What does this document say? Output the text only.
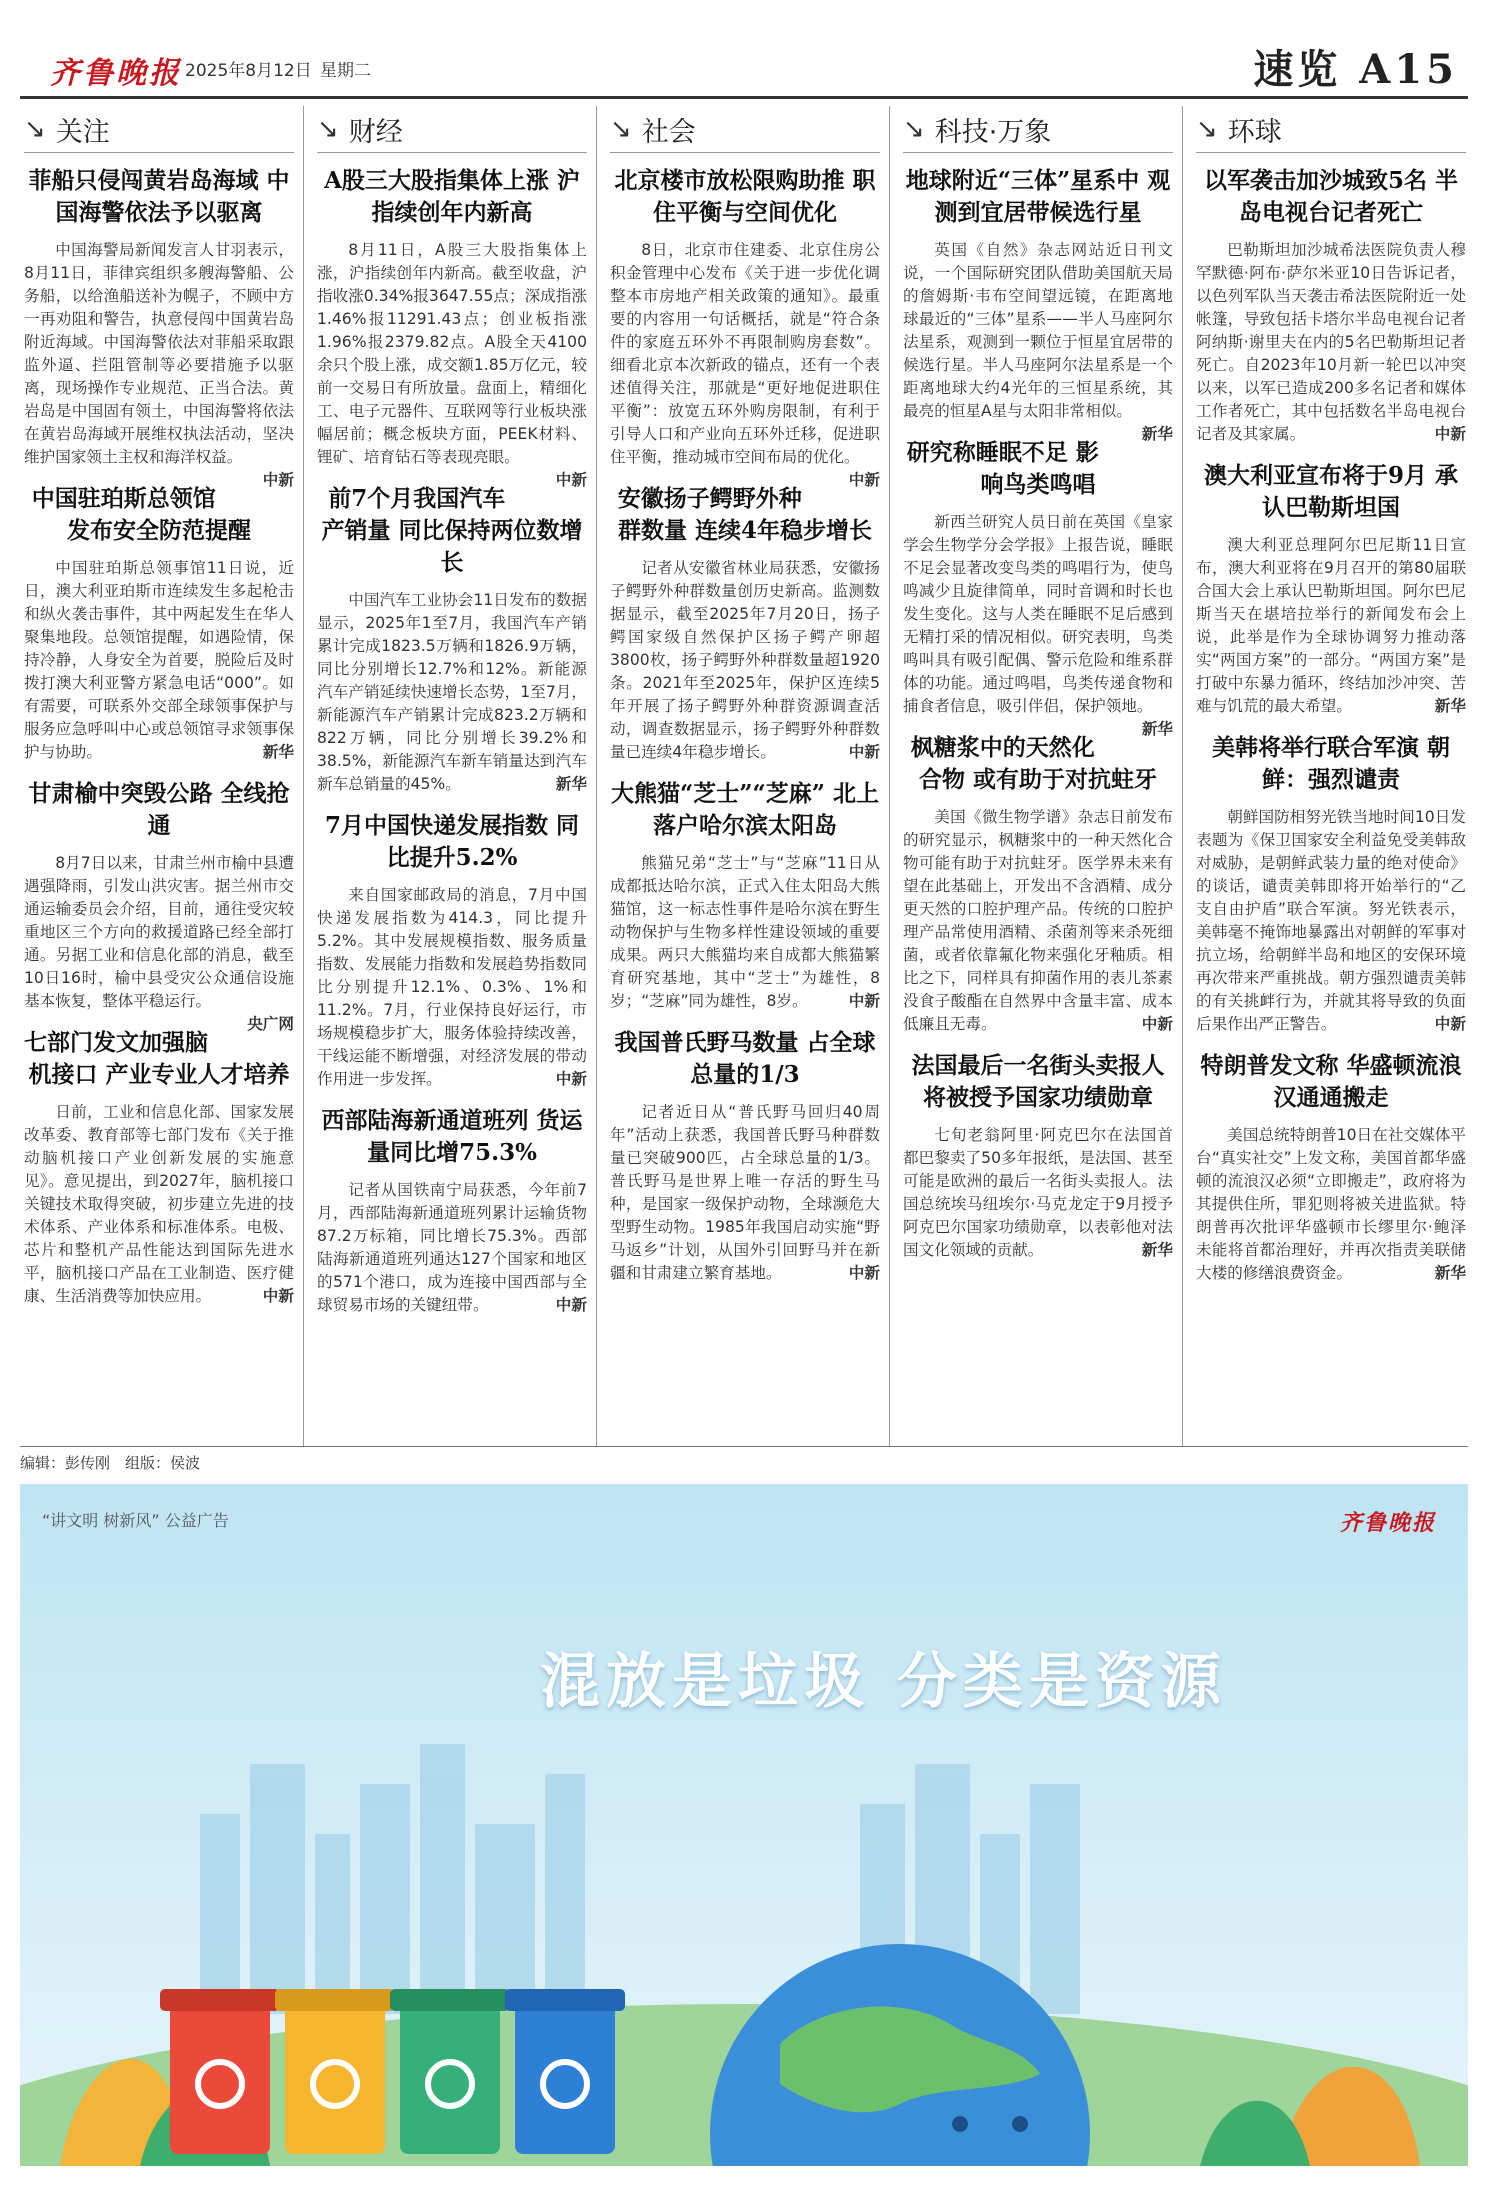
齐鲁晚报 2025年8月12日 星期二	速览 A15
↘ 关注
菲船只侵闯黄岩岛海域 中国海警依法予以驱离

中国海警局新闻发言人甘羽表示，8月11日，菲律宾组织多艘海警船、公务船，以给渔船送补为幌子，不顾中方一再劝阻和警告，执意侵闯中国黄岩岛附近海域。中国海警依法对菲船采取跟监外逼、拦阻管制等必要措施予以驱离，现场操作专业规范、正当合法。黄岩岛是中国固有领土，中国海警将依法在黄岩岛海域开展维权执法活动，坚决维护国家领土主权和海洋权益。
中新

中国驻珀斯总领馆 发布安全防范提醒

中国驻珀斯总领事馆11日说，近日，澳大利亚珀斯市连续发生多起枪击和纵火袭击事件，其中两起发生在华人聚集地段。总领馆提醒，如遇险情，保持冷静，人身安全为首要，脱险后及时拨打澳大利亚警方紧急电话“000”。如有需要，可联系外交部全球领事保护与服务应急呼叫中心或总领馆寻求领事保护与协助。	新华

甘肃榆中突毁公路 全线抢通

8月7日以来，甘肃兰州市榆中县遭遇强降雨，引发山洪灾害。据兰州市交通运输委员会介绍，目前，通往受灾较重地区三个方向的救援道路已经全部打通。另据工业和信息化部的消息，截至10日16时，榆中县受灾公众通信设施基本恢复，整体平稳运行。
央广网

七部门发文加强脑机接口 产业专业人才培养

日前，工业和信息化部、国家发展改革委、教育部等七部门发布《关于推动脑机接口产业创新发展的实施意见》。意见提出，到2027年，脑机接口关键技术取得突破，初步建立先进的技术体系、产业体系和标准体系。电极、芯片和整机产品性能达到国际先进水平，脑机接口产品在工业制造、医疗健康、生活消费等加快应用。	中新

↘ 财经
A股三大股指集体上涨 沪指续创年内新高

8月11日，A股三大股指集体上涨，沪指续创年内新高。截至收盘，沪指收涨0.34%报3647.55点；深成指涨1.46%报11291.43点；创业板指涨1.96%报2379.82点。A股全天4100余只个股上涨，成交额1.85万亿元，较前一交易日有所放量。盘面上，精细化工、电子元器件、互联网等行业板块涨幅居前；概念板块方面，PEEK材料、锂矿、培育钻石等表现亮眼。
中新

前7个月我国汽车产销量 同比保持两位数增长

中国汽车工业协会11日发布的数据显示，2025年1至7月，我国汽车产销累计完成1823.5万辆和1826.9万辆，同比分别增长12.7%和12%。新能源汽车产销延续快速增长态势，1至7月，新能源汽车产销累计完成823.2万辆和822万辆，同比分别增长39.2%和38.5%，新能源汽车新车销量达到汽车新车总销量的45%。	新华

7月中国快递发展指数 同比提升5.2%

来自国家邮政局的消息，7月中国快递发展指数为414.3，同比提升5.2%。其中发展规模指数、服务质量指数、发展能力指数和发展趋势指数同比分别提升12.1%、0.3%、1%和11.2%。7月，行业保持良好运行，市场规模稳步扩大，服务体验持续改善，干线运能不断增强，对经济发展的带动作用进一步发挥。	中新

西部陆海新通道班列 货运量同比增75.3%

记者从国铁南宁局获悉，今年前7月，西部陆海新通道班列累计运输货物87.2万标箱，同比增长75.3%。西部陆海新通道班列通达127个国家和地区的571个港口，成为连接中国西部与全球贸易市场的关键纽带。	中新

↘ 社会
北京楼市放松限购助推 职住平衡与空间优化

8日，北京市住建委、北京住房公积金管理中心发布《关于进一步优化调整本市房地产相关政策的通知》。最重要的内容用一句话概括，就是“符合条件的家庭五环外不再限制购房套数”。细看北京本次新政的锚点，还有一个表述值得关注，那就是“更好地促进职住平衡”：放宽五环外购房限制，有利于引导人口和产业向五环外迁移，促进职住平衡，推动城市空间布局的优化。
中新

安徽扬子鳄野外种群数量 连续4年稳步增长

记者从安徽省林业局获悉，安徽扬子鳄野外种群数量创历史新高。监测数据显示，截至2025年7月20日，扬子鳄国家级自然保护区扬子鳄产卵超3800枚，扬子鳄野外种群数量超1920条。2021年至2025年，保护区连续5年开展了扬子鳄野外种群资源调查活动，调查数据显示，扬子鳄野外种群数量已连续4年稳步增长。	中新

大熊猫“芝士”“芝麻” 北上落户哈尔滨太阳岛

熊猫兄弟“芝士”与“芝麻”11日从成都抵达哈尔滨，正式入住太阳岛大熊猫馆，这一标志性事件是哈尔滨在野生动物保护与生物多样性建设领域的重要成果。两只大熊猫均来自成都大熊猫繁育研究基地，其中“芝士”为雄性，8岁；“芝麻”同为雄性，8岁。	中新

我国普氏野马数量 占全球总量的1/3

记者近日从“普氏野马回归40周年”活动上获悉，我国普氏野马种群数量已突破900匹，占全球总量的1/3。普氏野马是世界上唯一存活的野生马种，是国家一级保护动物，全球濒危大型野生动物。1985年我国启动实施“野马返乡”计划，从国外引回野马并在新疆和甘肃建立繁育基地。	中新

↘ 科技·万象
地球附近“三体”星系中 观测到宜居带候选行星

英国《自然》杂志网站近日刊文说，一个国际研究团队借助美国航天局的詹姆斯·韦布空间望远镜，在距离地球最近的“三体”星系——半人马座阿尔法星系，观测到一颗位于恒星宜居带的候选行星。半人马座阿尔法星系是一个距离地球大约4光年的三恒星系统，其最亮的恒星A星与太阳非常相似。
新华

研究称睡眠不足 影响鸟类鸣唱

新西兰研究人员日前在英国《皇家学会生物学分会学报》上报告说，睡眠不足会显著改变鸟类的鸣唱行为，使鸟鸣减少且旋律简单，同时音调和时长也发生变化。这与人类在睡眠不足后感到无精打采的情况相似。研究表明，鸟类鸣叫具有吸引配偶、警示危险和维系群体的功能。通过鸣唱，鸟类传递食物和捕食者信息，吸引伴侣，保护领地。
新华

枫糖浆中的天然化合物 或有助于对抗蛀牙

美国《微生物学谱》杂志日前发布的研究显示，枫糖浆中的一种天然化合物可能有助于对抗蛀牙。医学界未来有望在此基础上，开发出不含酒精、成分更天然的口腔护理产品。传统的口腔护理产品常使用酒精、杀菌剂等来杀死细菌，或者依靠氟化物来强化牙釉质。相比之下，同样具有抑菌作用的表儿茶素没食子酸酯在自然界中含量丰富、成本低廉且无毒。	中新

法国最后一名街头卖报人 将被授予国家功绩勋章

七旬老翁阿里·阿克巴尔在法国首都巴黎卖了50多年报纸，是法国、甚至可能是欧洲的最后一名街头卖报人。法国总统埃马纽埃尔·马克龙定于9月授予阿克巴尔国家功绩勋章，以表彰他对法国文化领域的贡献。	新华

↘ 环球
以军袭击加沙城致5名 半岛电视台记者死亡

巴勒斯坦加沙城希法医院负责人穆罕默德·阿布·萨尔米亚10日告诉记者，以色列军队当天袭击希法医院附近一处帐篷，导致包括卡塔尔半岛电视台记者阿纳斯·谢里夫在内的5名巴勒斯坦记者死亡。自2023年10月新一轮巴以冲突以来，以军已造成200多名记者和媒体工作者死亡，其中包括数名半岛电视台记者及其家属。	中新

澳大利亚宣布将于9月 承认巴勒斯坦国

澳大利亚总理阿尔巴尼斯11日宣布，澳大利亚将在9月召开的第80届联合国大会上承认巴勒斯坦国。阿尔巴尼斯当天在堪培拉举行的新闻发布会上说，此举是作为全球协调努力推动落实“两国方案”的一部分。“两国方案”是打破中东暴力循环，终结加沙冲突、苦难与饥荒的最大希望。	新华

美韩将举行联合军演 朝鲜：强烈谴责

朝鲜国防相努光铁当地时间10日发表题为《保卫国家安全利益免受美韩敌对威胁，是朝鲜武装力量的绝对使命》的谈话，谴责美韩即将开始举行的“乙支自由护盾”联合军演。努光铁表示，美韩毫不掩饰地暴露出对朝鲜的军事对抗立场，给朝鲜半岛和地区的安保环境再次带来严重挑战。朝方强烈谴责美韩的有关挑衅行为，并就其将导致的负面后果作出严正警告。	中新

特朗普发文称 华盛顿流浪汉通通搬走

美国总统特朗普10日在社交媒体平台“真实社交”上发文称，美国首都华盛顿的流浪汉必须“立即搬走”，政府将为其提供住所，罪犯则将被关进监狱。特朗普再次批评华盛顿市长缪里尔·鲍泽未能将首都治理好，并再次指责美联储大楼的修缮浪费资金。	新华

编辑：彭传刚　组版：侯波
“讲文明 树新风” 公益广告	齐鲁晚报
混放是垃圾 分类是资源
